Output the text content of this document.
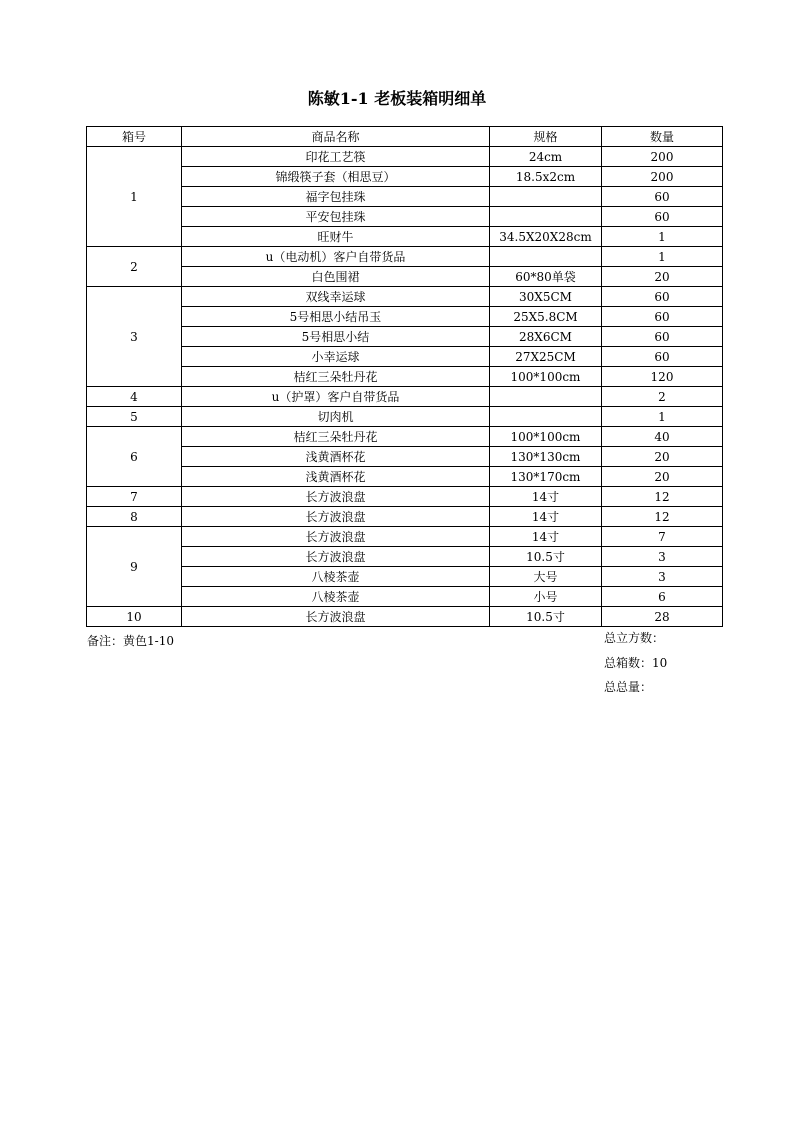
陈敏1-1 老板装箱明细单
箱号	商品名称	规格	数量
1	印花工艺筷	24cm	200
	锦缎筷子套（相思豆）	18.5x2cm	200
	福字包挂珠		60
	平安包挂珠		60
	旺财牛	34.5X20X28cm	1
2	u（电动机）客户自带货品		1
	白色围裙	60*80单袋	20
3	双线幸运球	30X5CM	60
	5号相思小结吊玉	25X5.8CM	60
	5号相思小结	28X6CM	60
	小幸运球	27X25CM	60
	桔红三朵牡丹花	100*100cm	120
4	u（护罩）客户自带货品		2
5	切肉机		1
6	桔红三朵牡丹花	100*100cm	40
	浅黄酒杯花	130*130cm	20
	浅黄酒杯花	130*170cm	20
7	长方波浪盘	14寸	12
8	长方波浪盘	14寸	12
9	长方波浪盘	14寸	7
	长方波浪盘	10.5寸	3
	八棱茶壶	大号	3
	八棱茶壶	小号	6
10	长方波浪盘	10.5寸	28
备注：黄色1-10	总立方数：
总箱数：10
总总量：
